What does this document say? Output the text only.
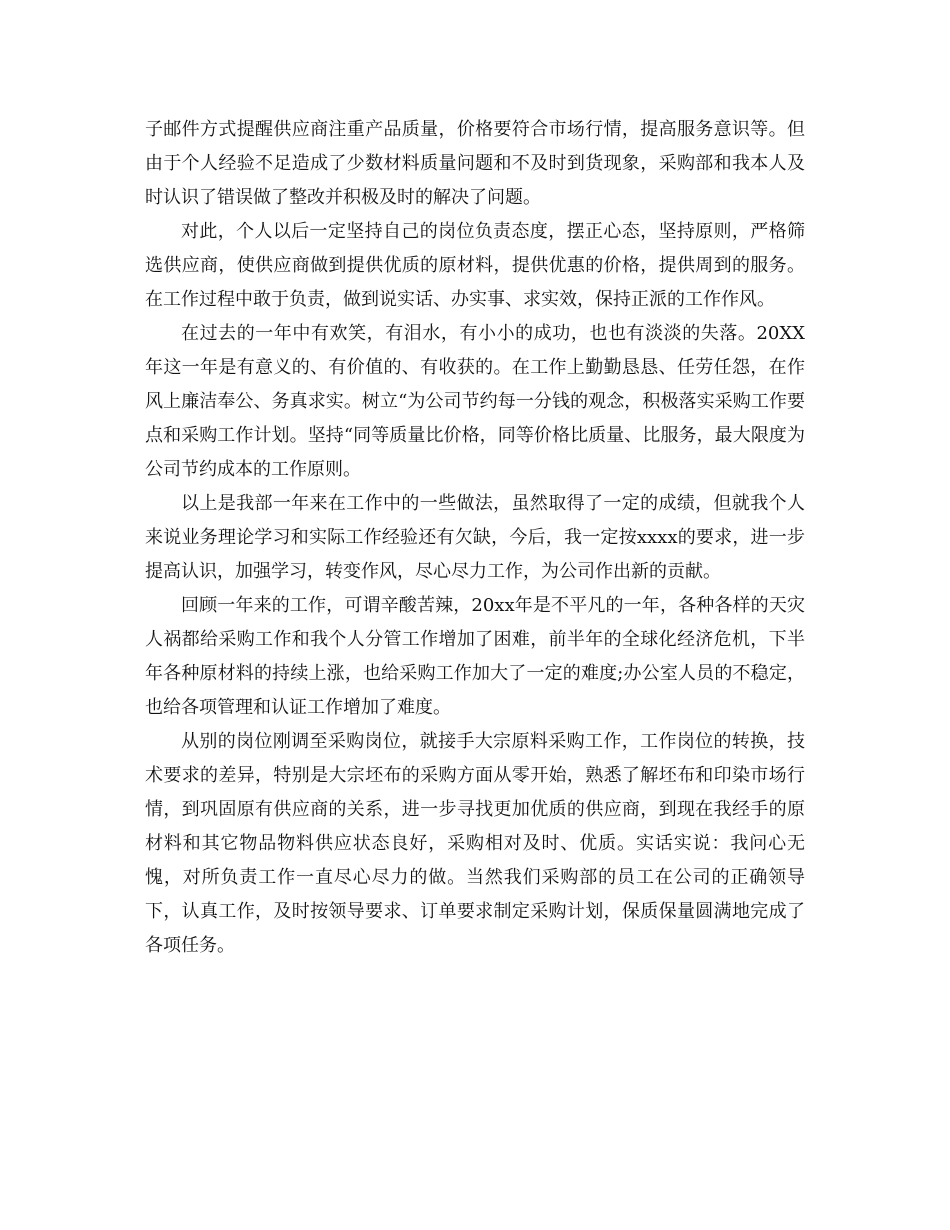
子邮件方式提醒供应商注重产品质量，价格要符合市场行情，提高服务意识等。但由于个人经验不足造成了少数材料质量问题和不及时到货现象，采购部和我本人及时认识了错误做了整改并积极及时的解决了问题。

对此，个人以后一定坚持自己的岗位负责态度，摆正心态，坚持原则，严格筛选供应商，使供应商做到提供优质的原材料，提供优惠的价格，提供周到的服务。在工作过程中敢于负责，做到说实话、办实事、求实效，保持正派的工作作风。

在过去的一年中有欢笑，有泪水，有小小的成功，也也有淡淡的失落。20XX年这一年是有意义的、有价值的、有收获的。在工作上勤勤恳恳、任劳任怨，在作风上廉洁奉公、务真求实。树立“为公司节约每一分钱的观念，积极落实采购工作要点和采购工作计划。坚持“同等质量比价格，同等价格比质量、比服务，最大限度为公司节约成本的工作原则。

以上是我部一年来在工作中的一些做法，虽然取得了一定的成绩，但就我个人来说业务理论学习和实际工作经验还有欠缺，今后，我一定按xxxx的要求，进一步提高认识，加强学习，转变作风，尽心尽力工作，为公司作出新的贡献。

回顾一年来的工作，可谓辛酸苦辣，20xx年是不平凡的一年，各种各样的天灾人祸都给采购工作和我个人分管工作增加了困难，前半年的全球化经济危机，下半年各种原材料的持续上涨，也给采购工作加大了一定的难度;办公室人员的不稳定，也给各项管理和认证工作增加了难度。

从别的岗位刚调至采购岗位，就接手大宗原料采购工作，工作岗位的转换，技术要求的差异，特别是大宗坯布的采购方面从零开始，熟悉了解坯布和印染市场行情，到巩固原有供应商的关系，进一步寻找更加优质的供应商，到现在我经手的原材料和其它物品物料供应状态良好，采购相对及时、优质。实话实说：我问心无愧，对所负责工作一直尽心尽力的做。当然我们采购部的员工在公司的正确领导下，认真工作，及时按领导要求、订单要求制定采购计划，保质保量圆满地完成了各项任务。
